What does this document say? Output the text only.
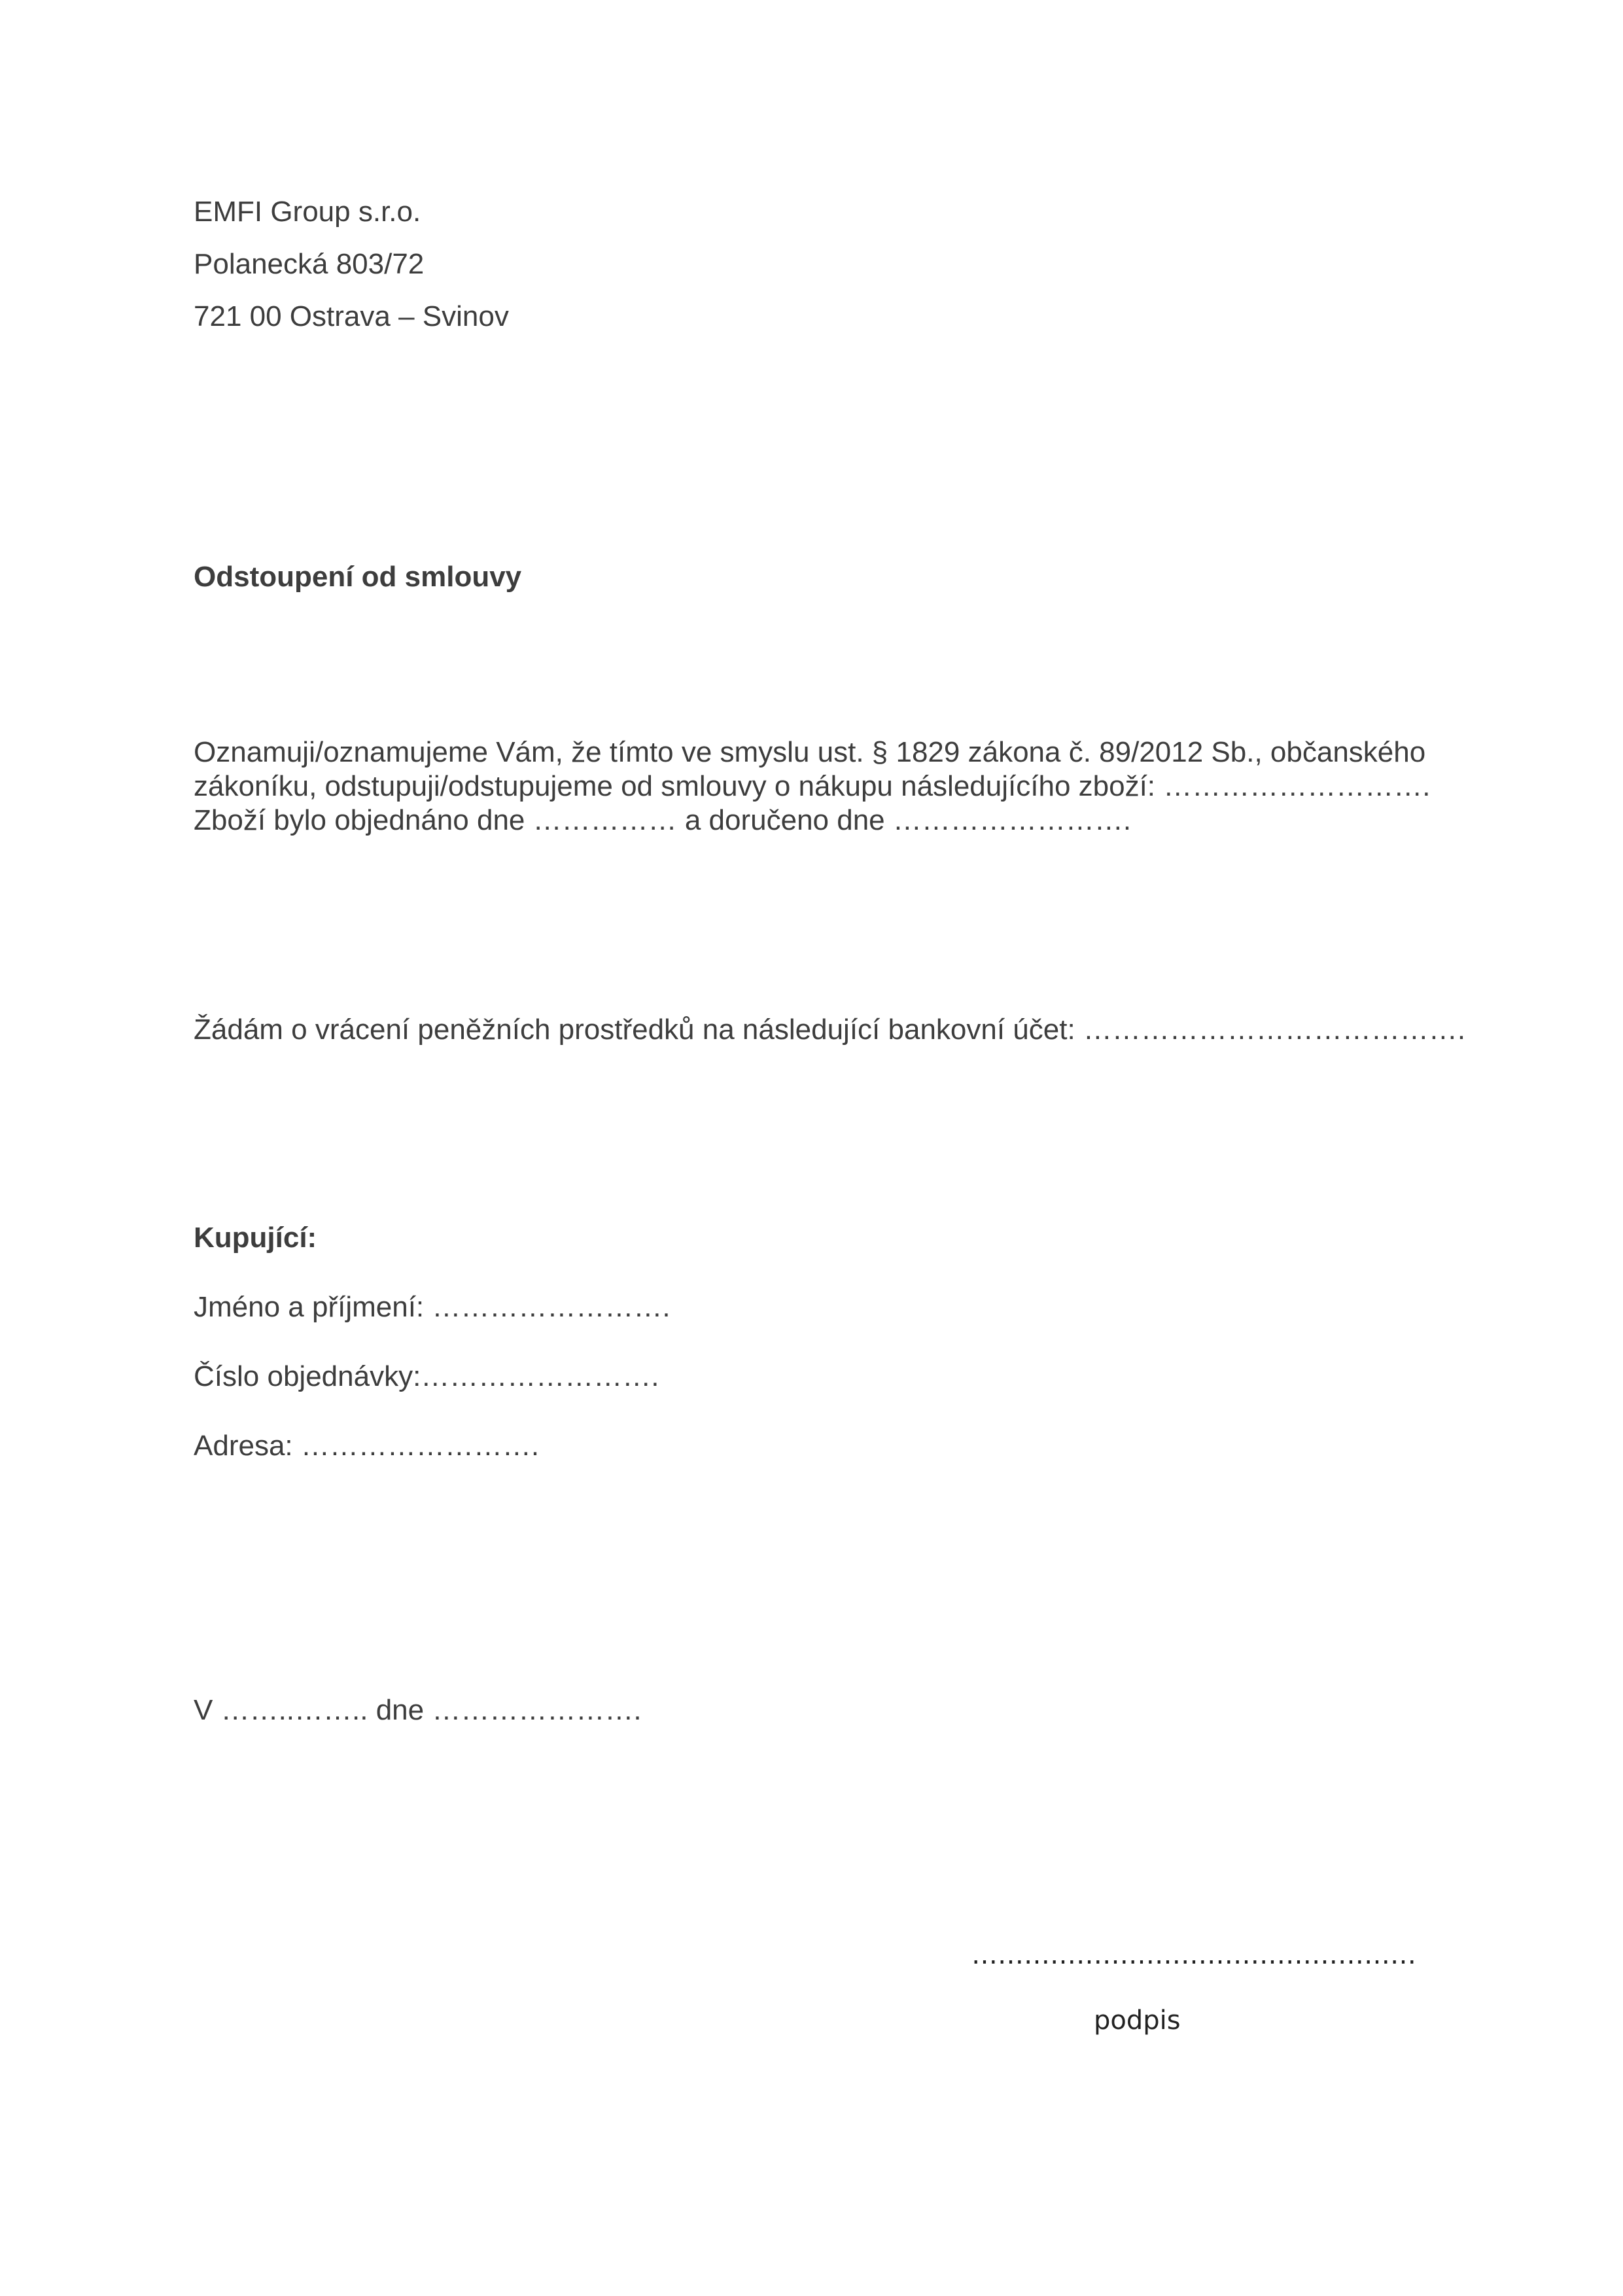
EMFI Group s.r.o.
Polanecká 803/72
721 00 Ostrava – Svinov
Odstoupení od smlouvy
Oznamuji/oznamujeme Vám, že tímto ve smyslu ust. § 1829 zákona č. 89/2012 Sb., občanského
zákoníku, odstupuji/odstupujeme od smlouvy o nákupu následujícího zboží: ……………………….
Zboží bylo objednáno dne …………… a doručeno dne …………………….
Žádám o vrácení peněžních prostředků na následující bankovní účet: ………………………………….
Kupující:
Jméno a příjmení: …………………….
Číslo objednávky:…………………….
Adresa: …………………….
V ……..…….. dne ………………….
……………………………………………
podpis
